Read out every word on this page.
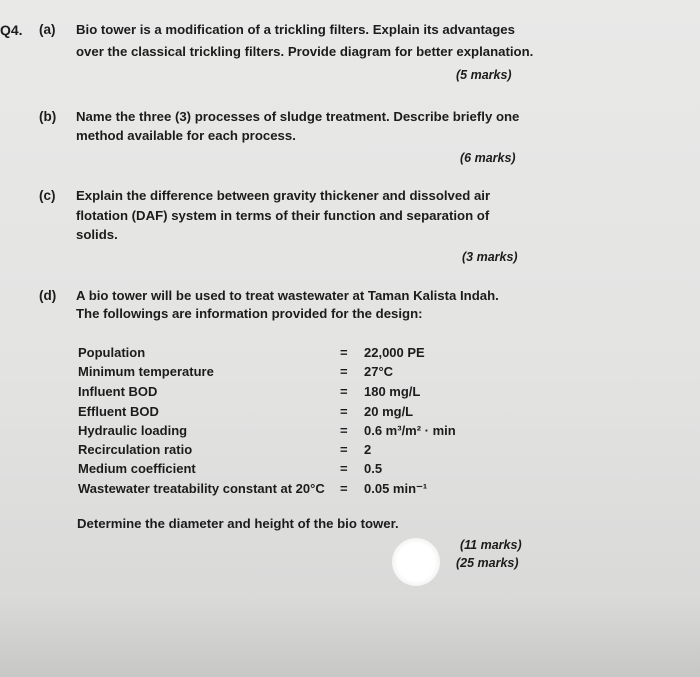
Q4. (a) Bio tower is a modification of a trickling filters. Explain its advantages
over the classical trickling filters. Provide diagram for better explanation.
(5 marks)
(b) Name the three (3) processes of sludge treatment. Describe briefly one
method available for each process.
(6 marks)
(c) Explain the difference between gravity thickener and dissolved air
flotation (DAF) system in terms of their function and separation of
solids.
(3 marks)
(d) A bio tower will be used to treat wastewater at Taman Kalista Indah.
The followings are information provided for the design:
Population	= 22,000 PE
Minimum temperature	= 27°C
Influent BOD	= 180 mg/L
Effluent BOD	= 20 mg/L
Hydraulic loading	= 0.6 m³/m² · min
Recirculation ratio	= 2
Medium coefficient	= 0.5
Wastewater treatability constant at 20°C = 0.05 min⁻¹
Determine the diameter and height of the bio tower.
(11 marks)
(25 marks)
